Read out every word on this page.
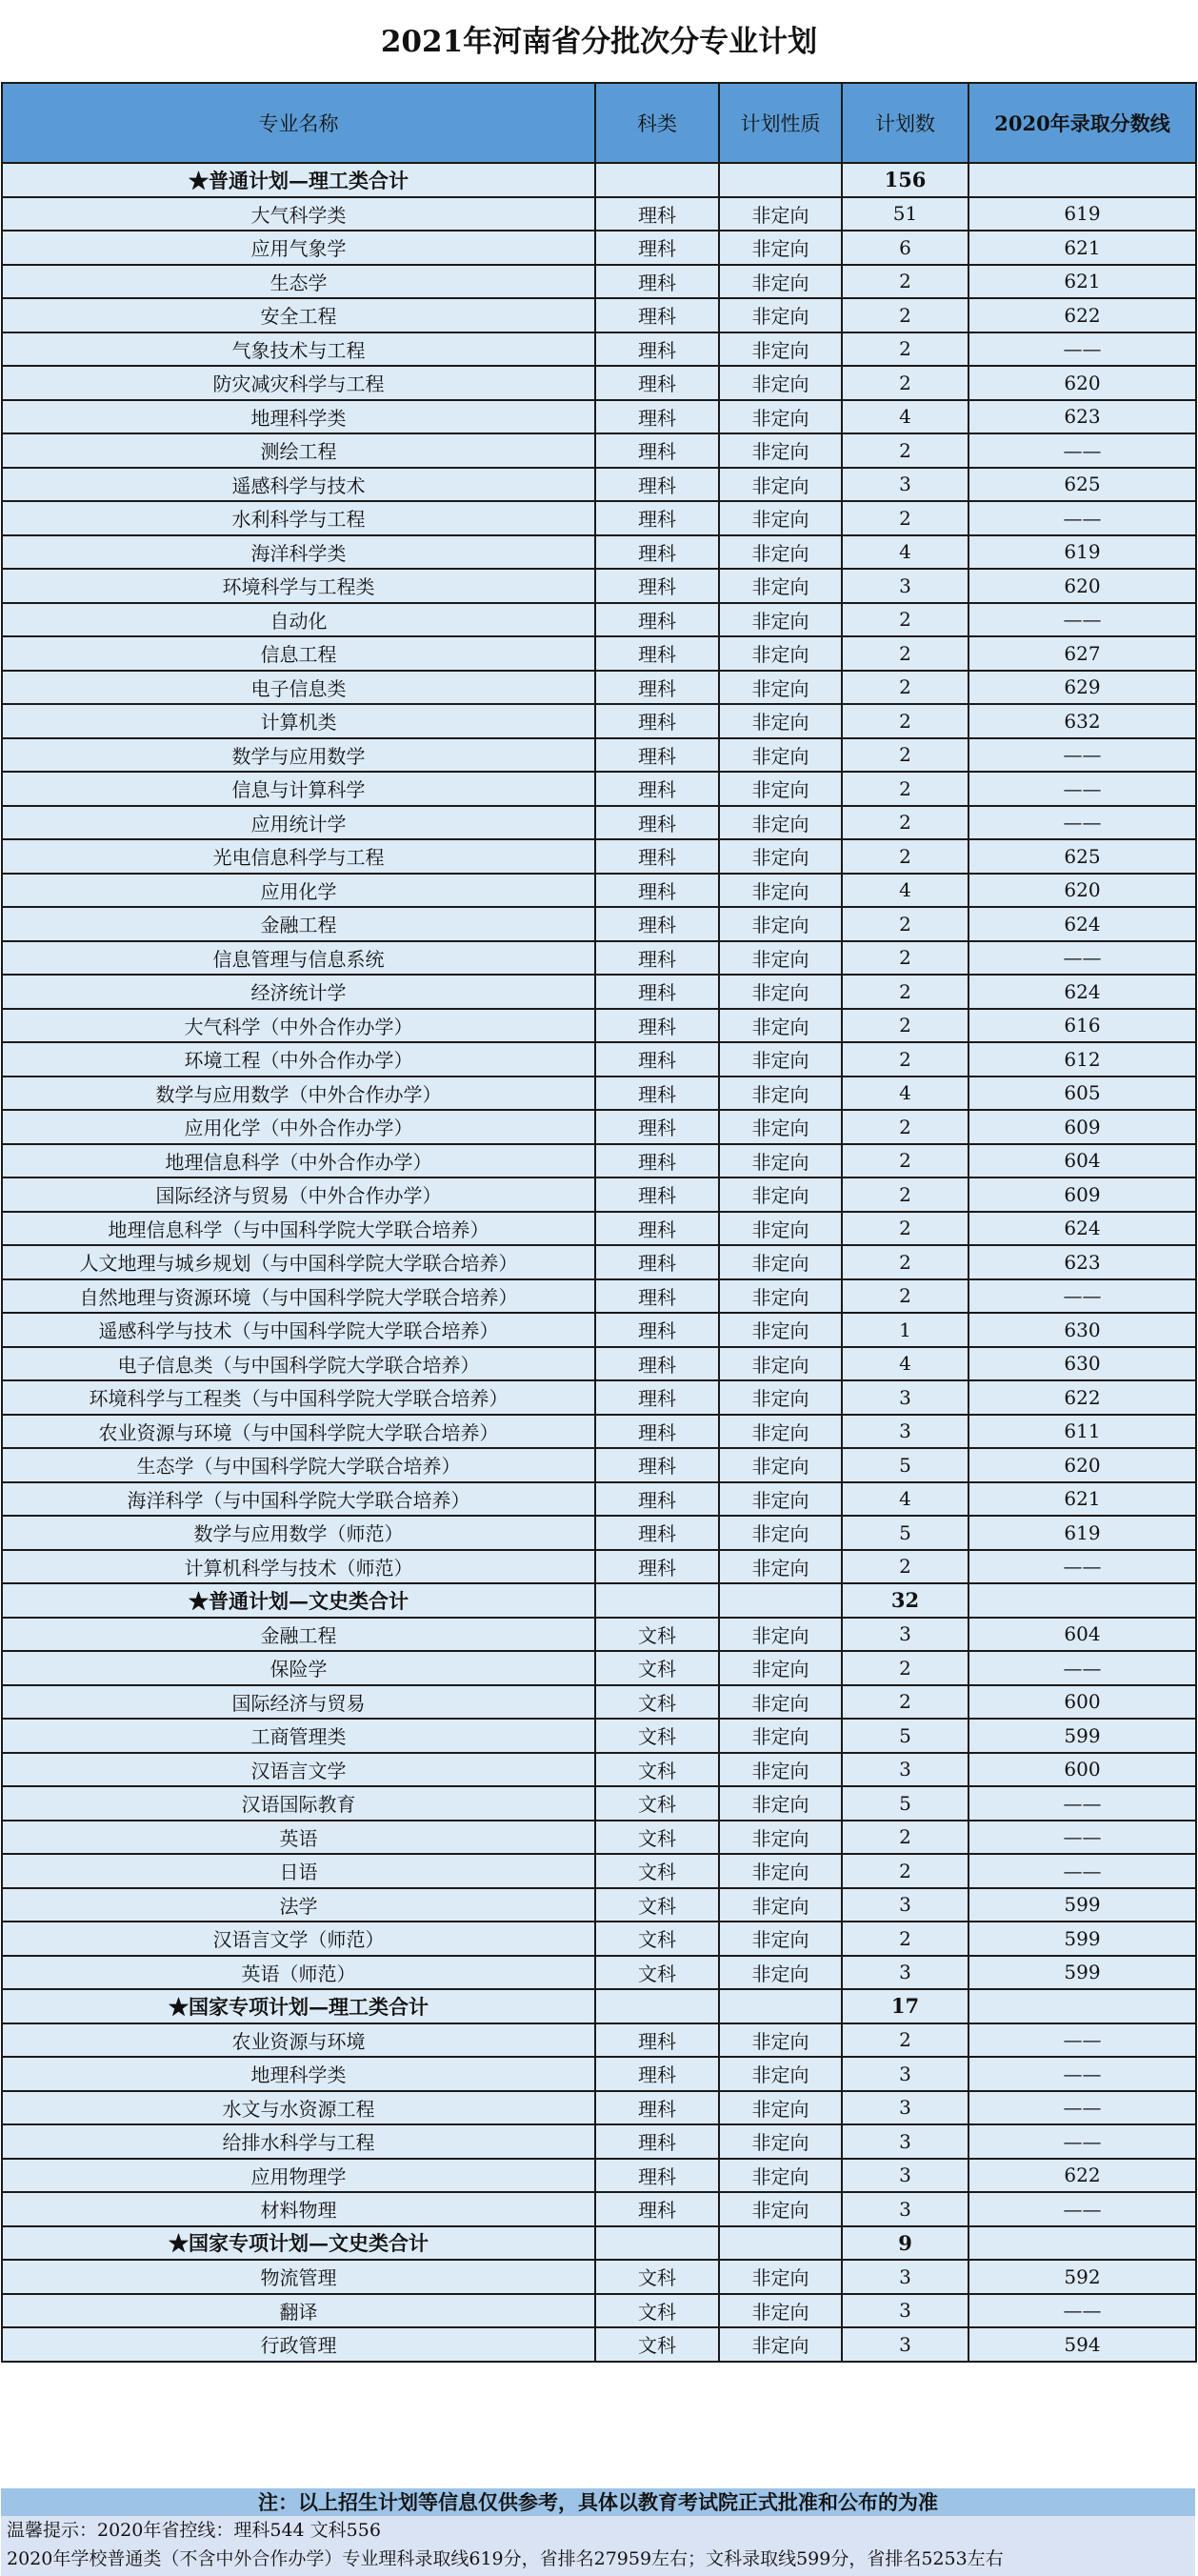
2021年河南省分批次分专业计划
专业名称	科类	计划性质	计划数	2020年录取分数线
★普通计划—理工类合计			156	
大气科学类	理科	非定向	51	619
应用气象学	理科	非定向	6	621
生态学	理科	非定向	2	621
安全工程	理科	非定向	2	622
气象技术与工程	理科	非定向	2	——
防灾减灾科学与工程	理科	非定向	2	620
地理科学类	理科	非定向	4	623
测绘工程	理科	非定向	2	——
遥感科学与技术	理科	非定向	3	625
水利科学与工程	理科	非定向	2	——
海洋科学类	理科	非定向	4	619
环境科学与工程类	理科	非定向	3	620
自动化	理科	非定向	2	——
信息工程	理科	非定向	2	627
电子信息类	理科	非定向	2	629
计算机类	理科	非定向	2	632
数学与应用数学	理科	非定向	2	——
信息与计算科学	理科	非定向	2	——
应用统计学	理科	非定向	2	——
光电信息科学与工程	理科	非定向	2	625
应用化学	理科	非定向	4	620
金融工程	理科	非定向	2	624
信息管理与信息系统	理科	非定向	2	——
经济统计学	理科	非定向	2	624
大气科学（中外合作办学）	理科	非定向	2	616
环境工程（中外合作办学）	理科	非定向	2	612
数学与应用数学（中外合作办学）	理科	非定向	4	605
应用化学（中外合作办学）	理科	非定向	2	609
地理信息科学（中外合作办学）	理科	非定向	2	604
国际经济与贸易（中外合作办学）	理科	非定向	2	609
地理信息科学（与中国科学院大学联合培养）	理科	非定向	2	624
人文地理与城乡规划（与中国科学院大学联合培养）	理科	非定向	2	623
自然地理与资源环境（与中国科学院大学联合培养）	理科	非定向	2	——
遥感科学与技术（与中国科学院大学联合培养）	理科	非定向	1	630
电子信息类（与中国科学院大学联合培养）	理科	非定向	4	630
环境科学与工程类（与中国科学院大学联合培养）	理科	非定向	3	622
农业资源与环境（与中国科学院大学联合培养）	理科	非定向	3	611
生态学（与中国科学院大学联合培养）	理科	非定向	5	620
海洋科学（与中国科学院大学联合培养）	理科	非定向	4	621
数学与应用数学（师范）	理科	非定向	5	619
计算机科学与技术（师范）	理科	非定向	2	——
★普通计划—文史类合计			32	
金融工程	文科	非定向	3	604
保险学	文科	非定向	2	——
国际经济与贸易	文科	非定向	2	600
工商管理类	文科	非定向	5	599
汉语言文学	文科	非定向	3	600
汉语国际教育	文科	非定向	5	——
英语	文科	非定向	2	——
日语	文科	非定向	2	——
法学	文科	非定向	3	599
汉语言文学（师范）	文科	非定向	2	599
英语（师范）	文科	非定向	3	599
★国家专项计划—理工类合计			17	
农业资源与环境	理科	非定向	2	——
地理科学类	理科	非定向	3	——
水文与水资源工程	理科	非定向	3	——
给排水科学与工程	理科	非定向	3	——
应用物理学	理科	非定向	3	622
材料物理	理科	非定向	3	——
★国家专项计划—文史类合计			9	
物流管理	文科	非定向	3	592
翻译	文科	非定向	3	——
行政管理	文科	非定向	3	594
注：以上招生计划等信息仅供参考，具体以教育考试院正式批准和公布的为准
温馨提示：2020年省控线：理科544 文科556
2020年学校普通类（不含中外合作办学）专业理科录取线619分，省排名27959左右；文科录取线599分，省排名5253左右
